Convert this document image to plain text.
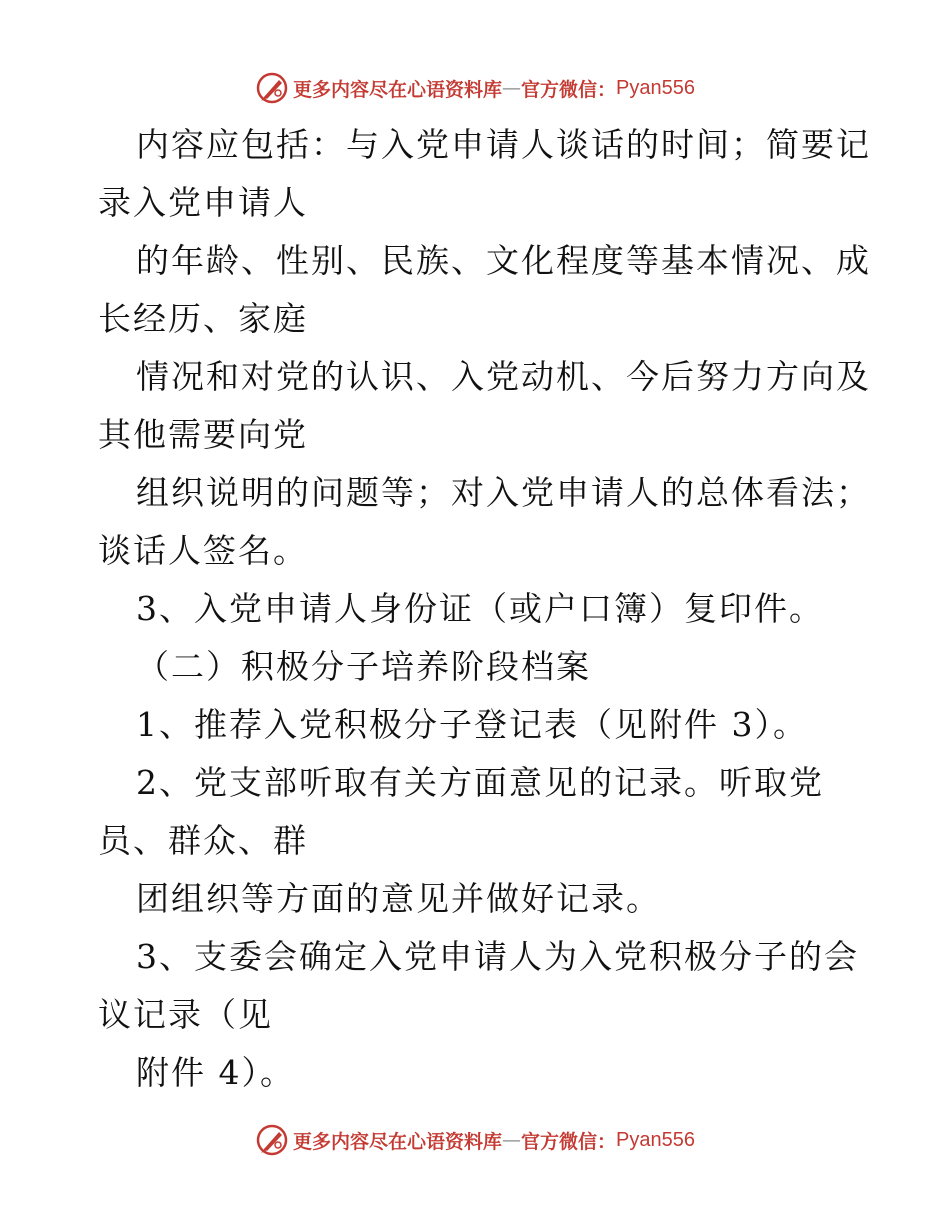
更多内容尽在心语资料库 — 官方微信： Pyan556
内容应包括：与入党申请人谈话的时间；简要记
录入党申请人
的年龄、性别、民族、文化程度等基本情况、成
长经历、家庭
情况和对党的认识、入党动机、今后努力方向及
其他需要向党
组织说明的问题等；对入党申请人的总体看法；
谈话人签名。
3、入党申请人身份证（或户口簿）复印件。
（二）积极分子培养阶段档案
1、推荐入党积极分子登记表（见附件 3）。
2、党支部听取有关方面意见的记录。听取党
员、群众、群
团组织等方面的意见并做好记录。
3、支委会确定入党申请人为入党积极分子的会
议记录（见
附件 4）。
更多内容尽在心语资料库 — 官方微信： Pyan556
